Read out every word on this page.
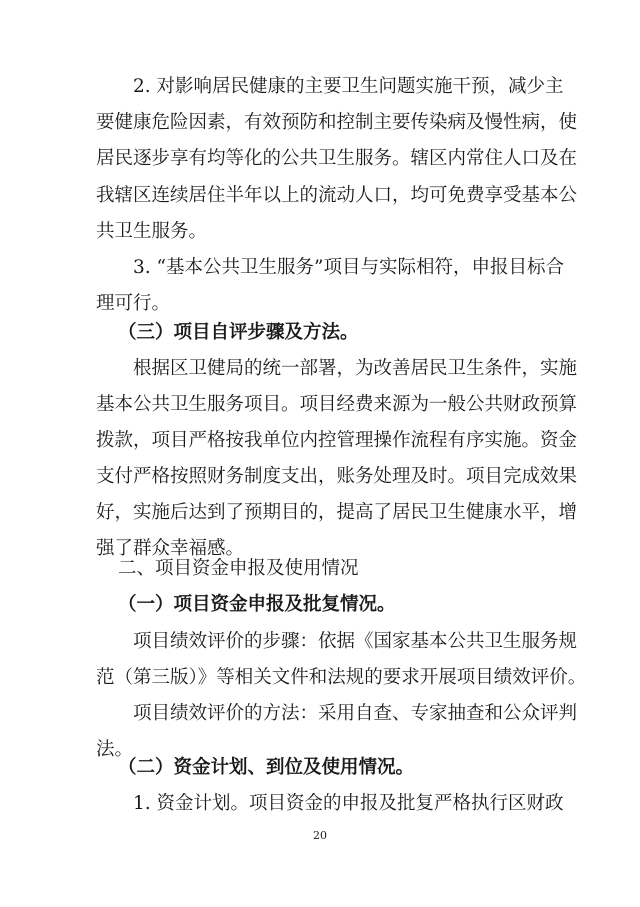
2. 对影响居民健康的主要卫生问题实施干预，减少主
要健康危险因素，有效预防和控制主要传染病及慢性病，使
居民逐步享有均等化的公共卫生服务。辖区内常住人口及在
我辖区连续居住半年以上的流动人口，均可免费享受基本公
共卫生服务。
3. “基本公共卫生服务”项目与实际相符，申报目标合
理可行。
（三）项目自评步骤及方法。
根据区卫健局的统一部署，为改善居民卫生条件，实施
基本公共卫生服务项目。项目经费来源为一般公共财政预算
拨款，项目严格按我单位内控管理操作流程有序实施。资金
支付严格按照财务制度支出，账务处理及时。项目完成效果
好，实施后达到了预期目的，提高了居民卫生健康水平，增
强了群众幸福感。
二、项目资金申报及使用情况
（一）项目资金申报及批复情况。
项目绩效评价的步骤：依据《国家基本公共卫生服务规
范（第三版）》等相关文件和法规的要求开展项目绩效评价。
项目绩效评价的方法：采用自查、专家抽查和公众评判
法。
（二）资金计划、到位及使用情况。
1. 资金计划。项目资金的申报及批复严格执行区财政
20
